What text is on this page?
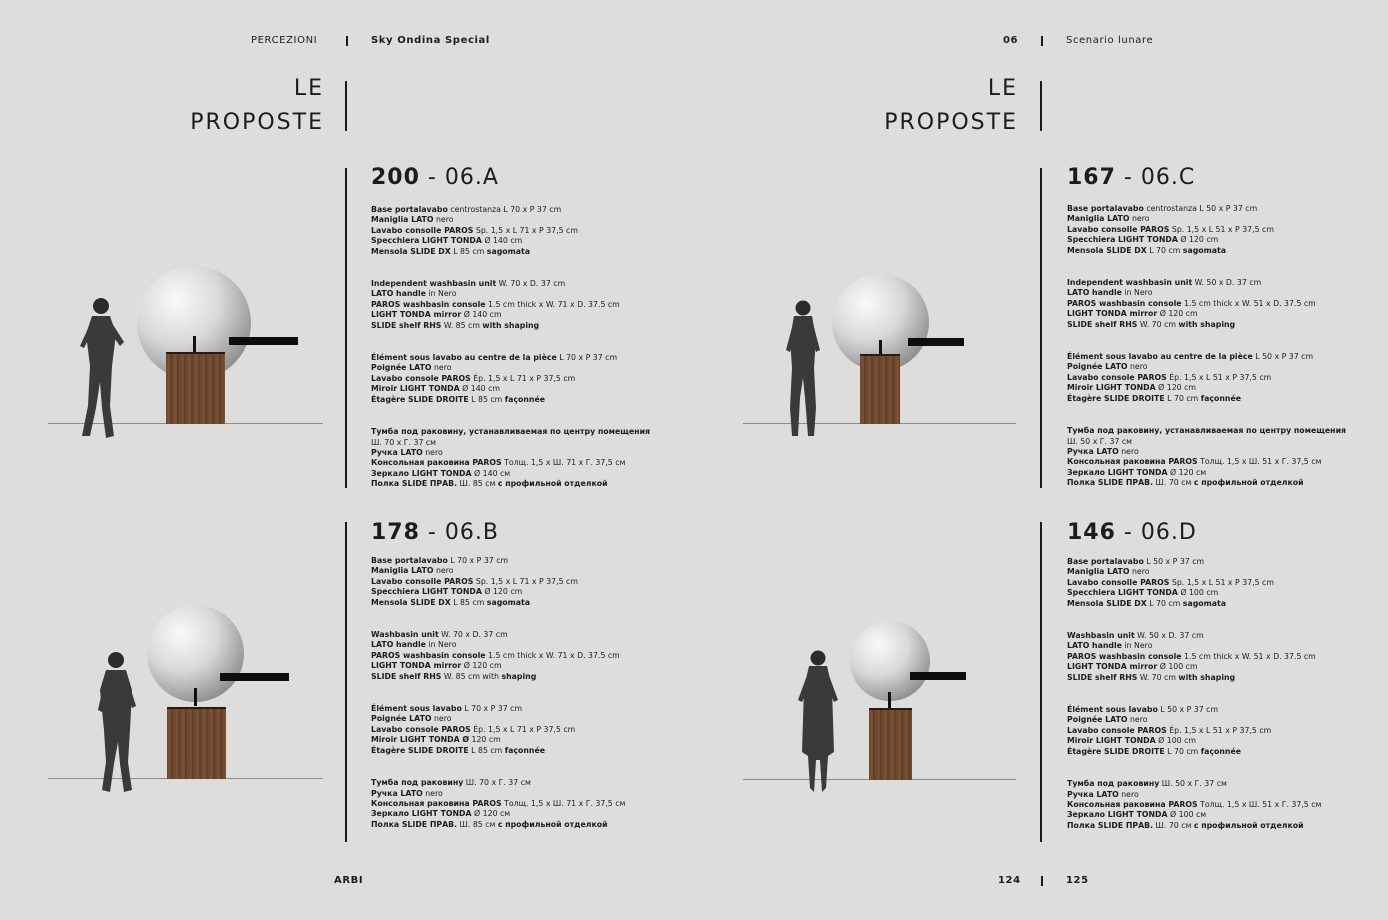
PERCEZIONI	Sky Ondina Special	06	Scenario lunare
LE
PROPOSTE
LE
PROPOSTE
200 - 06.A
Base portalavabo centrostanza L 70 x P 37 cm
Maniglia LATO nero
Lavabo consolle PAROS Sp. 1,5 x L 71 x P 37,5 cm
Specchiera LIGHT TONDA Ø 140 cm
Mensola SLIDE DX L 85 cm sagomata
Independent washbasin unit W. 70 x D. 37 cm
LATO handle in Nero
PAROS washbasin console 1.5 cm thick x W. 71 x D. 37.5 cm
LIGHT TONDA mirror Ø 140 cm
SLIDE shelf RHS W. 85 cm with shaping
Élément sous lavabo au centre de la pièce L 70 x P 37 cm
Poignée LATO nero
Lavabo console PAROS Ép. 1,5 x L 71 x P 37,5 cm
Miroir LIGHT TONDA Ø 140 cm
Étagère SLIDE DROITE L 85 cm façonnée
Тумба под раковину, устанавливаемая по центру помещения
Ш. 70 x Г. 37 см
Ручка LATO nero
Консольная раковина PAROS Толщ. 1,5 x Ш. 71 x Г. 37,5 см
Зеркало LIGHT TONDA Ø 140 см
Полка SLIDE ПРАВ. Ш. 85 см с профильной отделкой
178 - 06.B
Base portalavabo L 70 x P 37 cm
Maniglia LATO nero
Lavabo consolle PAROS Sp. 1,5 x L 71 x P 37,5 cm
Specchiera LIGHT TONDA Ø 120 cm
Mensola SLIDE DX L 85 cm sagomata
Washbasin unit W. 70 x D. 37 cm
LATO handle in Nero
PAROS washbasin console 1.5 cm thick x W. 71 x D. 37.5 cm
LIGHT TONDA mirror Ø 120 cm
SLIDE shelf RHS W. 85 cm with shaping
Élément sous lavabo L 70 x P 37 cm
Poignée LATO nero
Lavabo console PAROS Ép. 1,5 x L 71 x P 37,5 cm
Miroir LIGHT TONDA Ø 120 cm
Étagère SLIDE DROITE L 85 cm façonnée
Тумба под раковину Ш. 70 x Г. 37 см
Ручка LATO nero
Консольная раковина PAROS Толщ. 1,5 x Ш. 71 x Г. 37,5 см
Зеркало LIGHT TONDA Ø 120 см
Полка SLIDE ПРАВ. Ш. 85 см с профильной отделкой
167 - 06.C
Base portalavabo centrostanza L 50 x P 37 cm
Maniglia LATO nero
Lavabo consolle PAROS Sp. 1,5 x L 51 x P 37,5 cm
Specchiera LIGHT TONDA Ø 120 cm
Mensola SLIDE DX L 70 cm sagomata
Independent washbasin unit W. 50 x D. 37 cm
LATO handle in Nero
PAROS washbasin console 1.5 cm thick x W. 51 x D. 37.5 cm
LIGHT TONDA mirror Ø 120 cm
SLIDE shelf RHS W. 70 cm with shaping
Élément sous lavabo au centre de la pièce L 50 x P 37 cm
Poignée LATO nero
Lavabo console PAROS Ép. 1,5 x L 51 x P 37,5 cm
Miroir LIGHT TONDA Ø 120 cm
Étagère SLIDE DROITE L 70 cm façonnée
Тумба под раковину, устанавливаемая по центру помещения
Ш. 50 x Г. 37 см
Ручка LATO nero
Консольная раковина PAROS Толщ. 1,5 x Ш. 51 x Г. 37,5 см
Зеркало LIGHT TONDA Ø 120 см
Полка SLIDE ПРАВ. Ш. 70 см с профильной отделкой
146 - 06.D
Base portalavabo L 50 x P 37 cm
Maniglia LATO nero
Lavabo consolle PAROS Sp. 1,5 x L 51 x P 37,5 cm
Specchiera LIGHT TONDA Ø 100 cm
Mensola SLIDE DX L 70 cm sagomata
Washbasin unit W. 50 x D. 37 cm
LATO handle in Nero
PAROS washbasin console 1.5 cm thick x W. 51 x D. 37.5 cm
LIGHT TONDA mirror Ø 100 cm
SLIDE shelf RHS W. 70 cm with shaping
Élément sous lavabo L 50 x P 37 cm
Poignée LATO nero
Lavabo console PAROS Ép. 1,5 x L 51 x P 37,5 cm
Miroir LIGHT TONDA Ø 100 cm
Étagère SLIDE DROITE L 70 cm façonnée
Тумба под раковину Ш. 50 x Г. 37 см
Ручка LATO nero
Консольная раковина PAROS Толщ. 1,5 x Ш. 51 x Г. 37,5 см
Зеркало LIGHT TONDA Ø 100 см
Полка SLIDE ПРАВ. Ш. 70 см с профильной отделкой
ARBI	124	125
